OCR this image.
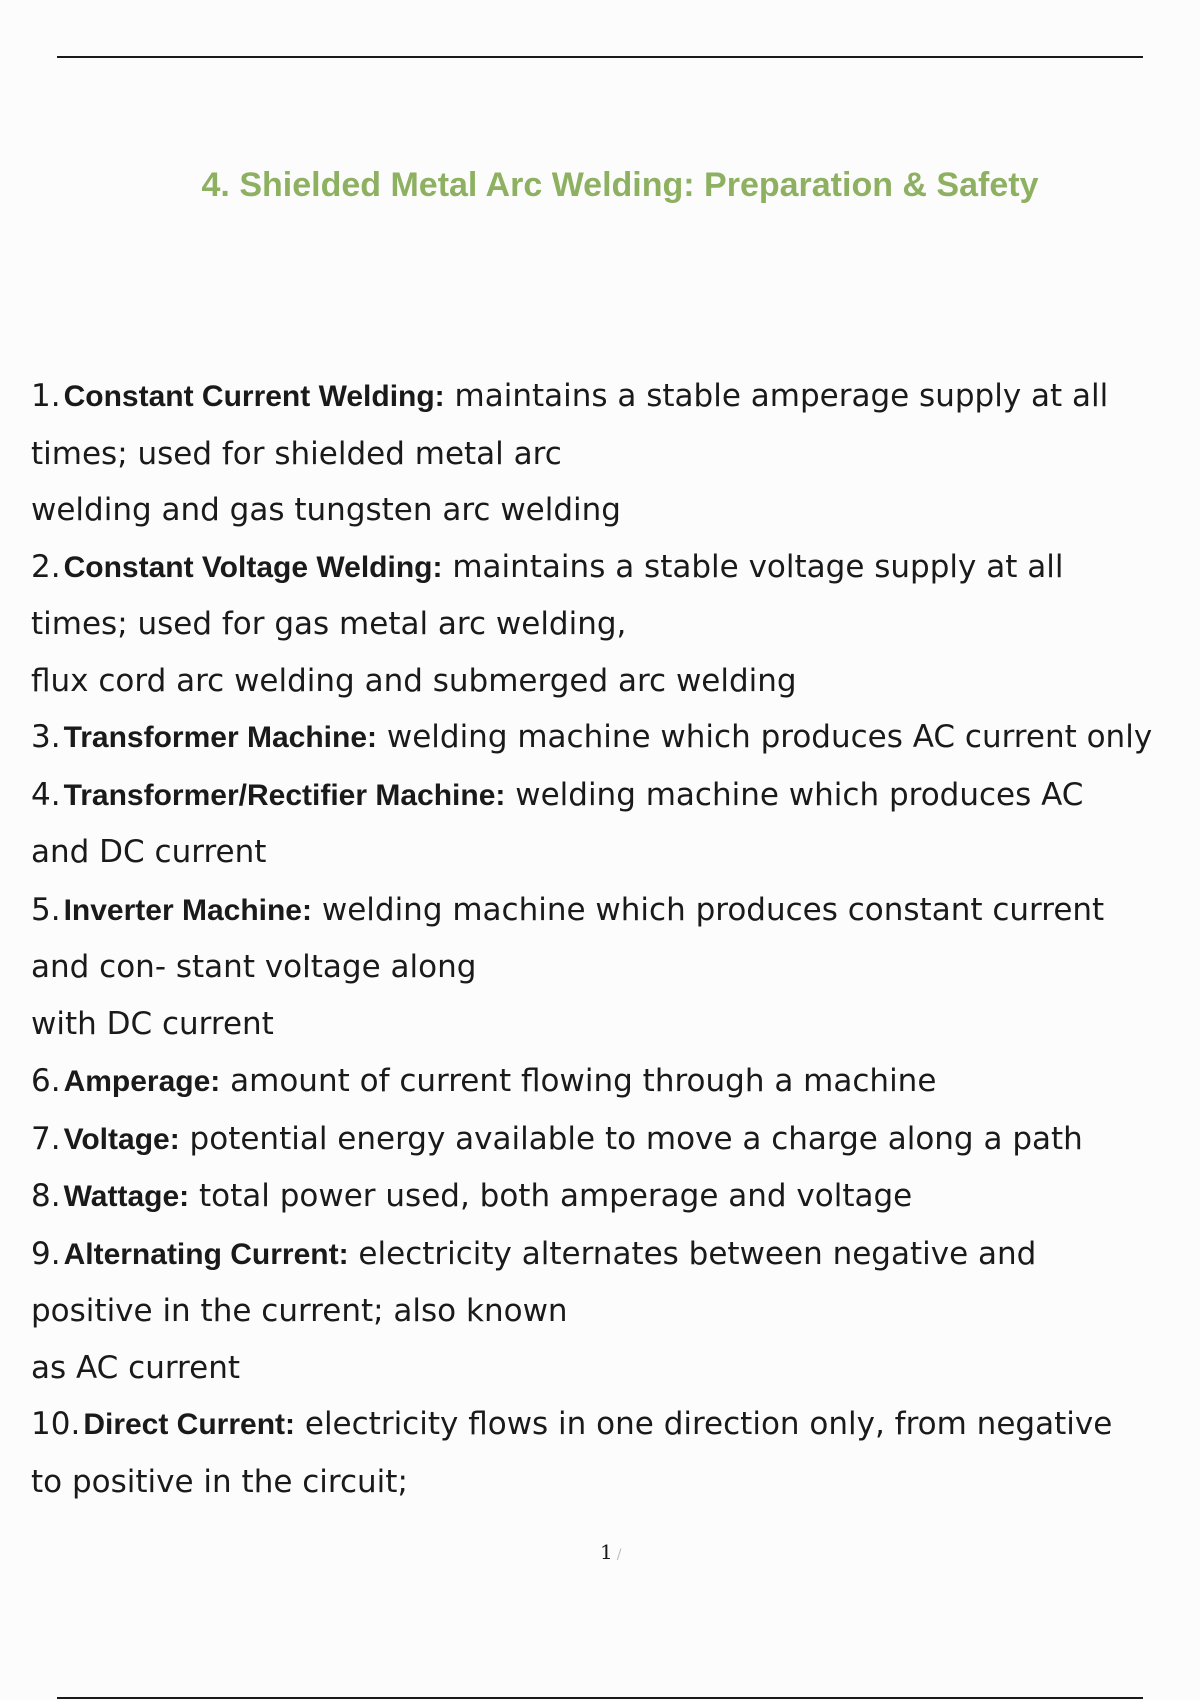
4. Shielded Metal Arc Welding: Preparation & Safety
1. Constant Current Welding: maintains a stable amperage supply at all
times; used for shielded metal arc
welding and gas tungsten arc welding
2. Constant Voltage Welding: maintains a stable voltage supply at all
times; used for gas metal arc welding,
flux cord arc welding and submerged arc welding
3. Transformer Machine: welding machine which produces AC current only
4. Transformer/Rectifier Machine: welding machine which produces AC
and DC current
5. Inverter Machine: welding machine which produces constant current
and con- stant voltage along
with DC current
6. Amperage: amount of current flowing through a machine
7. Voltage: potential energy available to move a charge along a path
8. Wattage: total power used, both amperage and voltage
9. Alternating Current: electricity alternates between negative and
positive in the current; also known
as AC current
10. Direct Current: electricity flows in one direction only, from negative
to positive in the circuit;
1 /
